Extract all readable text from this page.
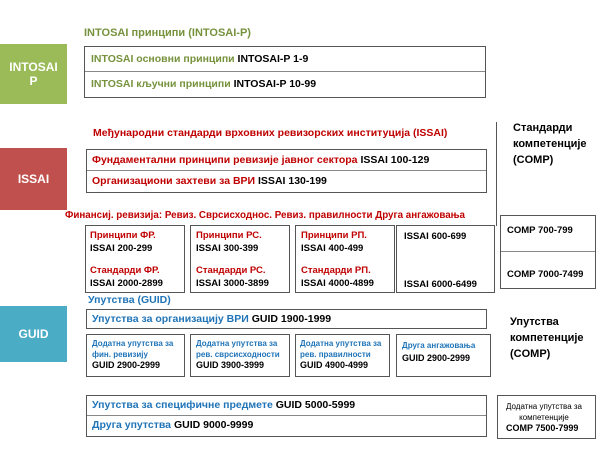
INTOSAI принципи (INTOSAI-P)
INTOSAI
P
INTOSAI основни принципи INTOSAI-P 1-9
INTOSAI кључни принципи INTOSAI-P 10-99
Међународни стандарди врховних ревизорских институција (ISSAI)
ISSAI
Фундаментални принципи ревизије јавног сектора ISSAI 100-129
Организациони захтеви за ВРИ ISSAI 130-199
Стандарди
компетенције
(COMP)
Финансиј. ревизија: Ревиз. Сврсисходнос. Ревиз. правилности Друга ангажовања
Принципи ФР.
ISSAI 200-299
Стандарди ФР.
ISSAI 2000-2899
Принципи РС.
ISSAI 300-399
Стандарди РС.
ISSAI 3000-3899
Принципи РП.
ISSAI 400-499
Стандарди РП.
ISSAI 4000-4899
ISSAI 600-699
ISSAI 6000-6499
COMP 700-799
COMP 7000-7499
Упутства (GUID)
GUID
Упутства за организацију ВРИ GUID 1900-1999
Додатна упутства за
фин. ревизију
GUID 2900-2999
Додатна упутства за
рев. сврсисходности
GUID 3900-3999
Додатна упутства за
рев. правилности
GUID 4900-4999
Друга ангажовања
GUID 2900-2999
Упутства
компетенције
(COMP)
Упутства за специфичне предмете GUID 5000-5999
Друга упутства GUID 9000-9999
Додатна упутства за
компетенције
COMP 7500-7999
